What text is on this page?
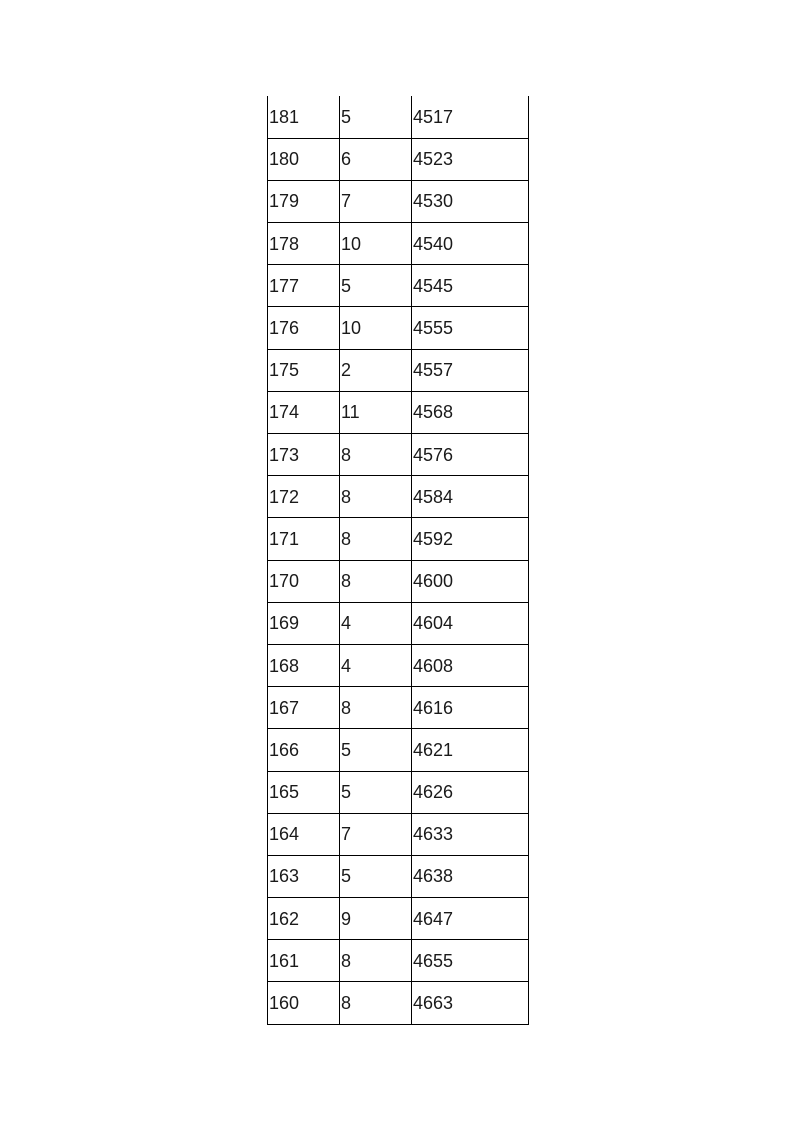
181	5	4517
180	6	4523
179	7	4530
178	10	4540
177	5	4545
176	10	4555
175	2	4557
174	11	4568
173	8	4576
172	8	4584
171	8	4592
170	8	4600
169	4	4604
168	4	4608
167	8	4616
166	5	4621
165	5	4626
164	7	4633
163	5	4638
162	9	4647
161	8	4655
160	8	4663
